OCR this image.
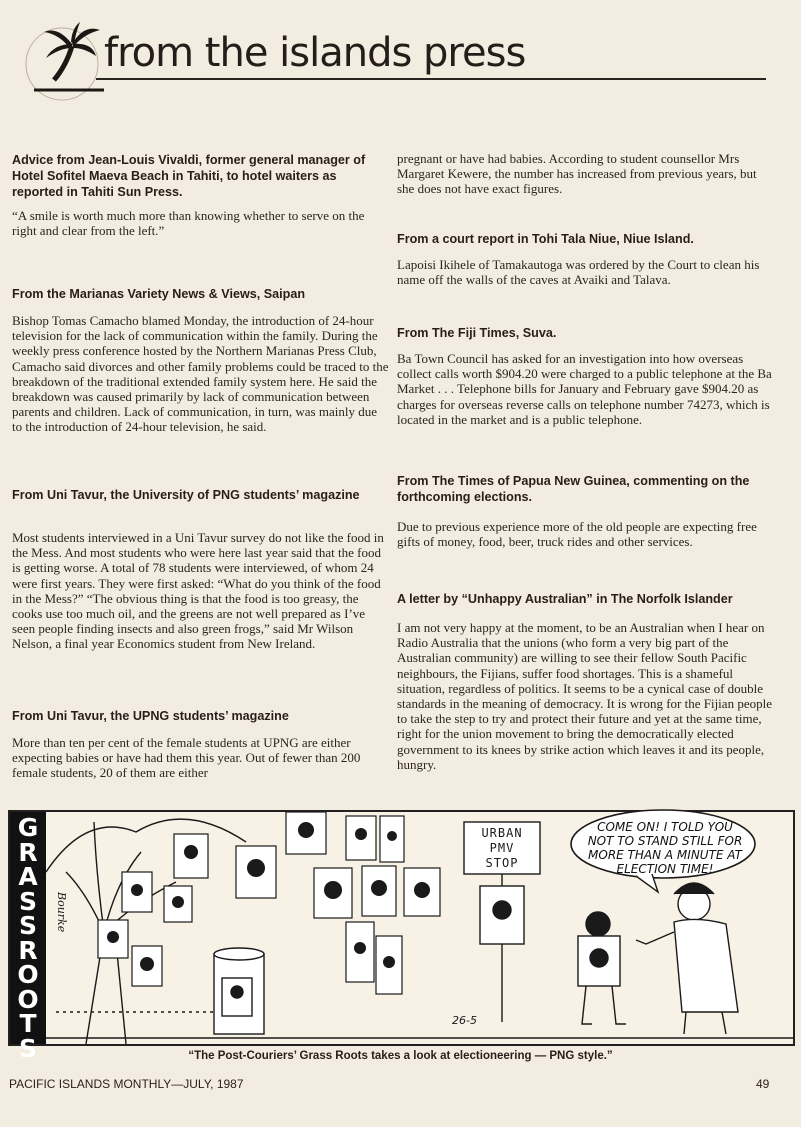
from the islands press
Advice from Jean-Louis Vivaldi, former general manager of Hotel Sofitel Maeva Beach in Tahiti, to hotel waiters as reported in Tahiti Sun Press.
“A smile is worth much more than knowing whether to serve on the right and clear from the left.”
From the Marianas Variety News & Views, Saipan
Bishop Tomas Camacho blamed Monday, the introduction of 24-hour television for the lack of communication within the family. During the weekly press conference hosted by the Northern Marianas Press Club, Camacho said divorces and other family problems could be traced to the breakdown of the traditional extended family system here. He said the breakdown was caused primarily by lack of communication between parents and children. Lack of communication, in turn, was mainly due to the introduction of 24-hour television, he said.
From Uni Tavur, the University of PNG students’ magazine
Most students interviewed in a Uni Tavur survey do not like the food in the Mess. And most students who were here last year said that the food is getting worse. A total of 78 students were interviewed, of whom 24 were first years. They were first asked: “What do you think of the food in the Mess?” “The obvious thing is that the food is too greasy, the cooks use too much oil, and the greens are not well prepared as I’ve seen people finding insects and also green frogs,” said Mr Wilson Nelson, a final year Economics student from New Ireland.
From Uni Tavur, the UPNG students’ magazine
More than ten per cent of the female students at UPNG are either expecting babies or have had them this year. Out of fewer than 200 female students, 20 of them are either
pregnant or have had babies. According to student counsellor Mrs Margaret Kewere, the number has increased from previous years, but she does not have exact figures.
From a court report in Tohi Tala Niue, Niue Island.
Lapoisi Ikihele of Tamakautoga was ordered by the Court to clean his name off the walls of the caves at Avaiki and Talava.
From The Fiji Times, Suva.
Ba Town Council has asked for an investigation into how overseas collect calls worth $904.20 were charged to a public telephone at the Ba Market . . . Telephone bills for January and February gave $904.20 as charges for overseas reverse calls on telephone number 74273, which is located in the market and is a public telephone.
From The Times of Papua New Guinea, commenting on the forthcoming elections.
Due to previous experience more of the old people are expecting free gifts of money, food, beer, truck rides and other services.
A letter by “Unhappy Australian” in The Norfolk Islander
I am not very happy at the moment, to be an Australian when I hear on Radio Australia that the unions (who form a very big part of the Australian community) are willing to see their fellow South Pacific neighbours, the Fijians, suffer food shortages. This is a shameful situation, regardless of politics. It seems to be a cynical case of double standards in the meaning of democracy. It is wrong for the Fijian people to take the step to try and protect their future and yet at the same time, right for the union movement to bring the democratically elected government to its knees by strike action which leaves it and its people, hungry.
G
R
A
S
S
R
O
O
T
S
URBAN
PMV
STOP
COME ON! I TOLD YOU NOT TO STAND STILL FOR MORE THAN A MINUTE AT ELECTION TIME!
Bourke
26-5
“The Post-Couriers’ Grass Roots takes a look at electioneering — PNG style.”
PACIFIC ISLANDS MONTHLY—JULY, 1987	49
